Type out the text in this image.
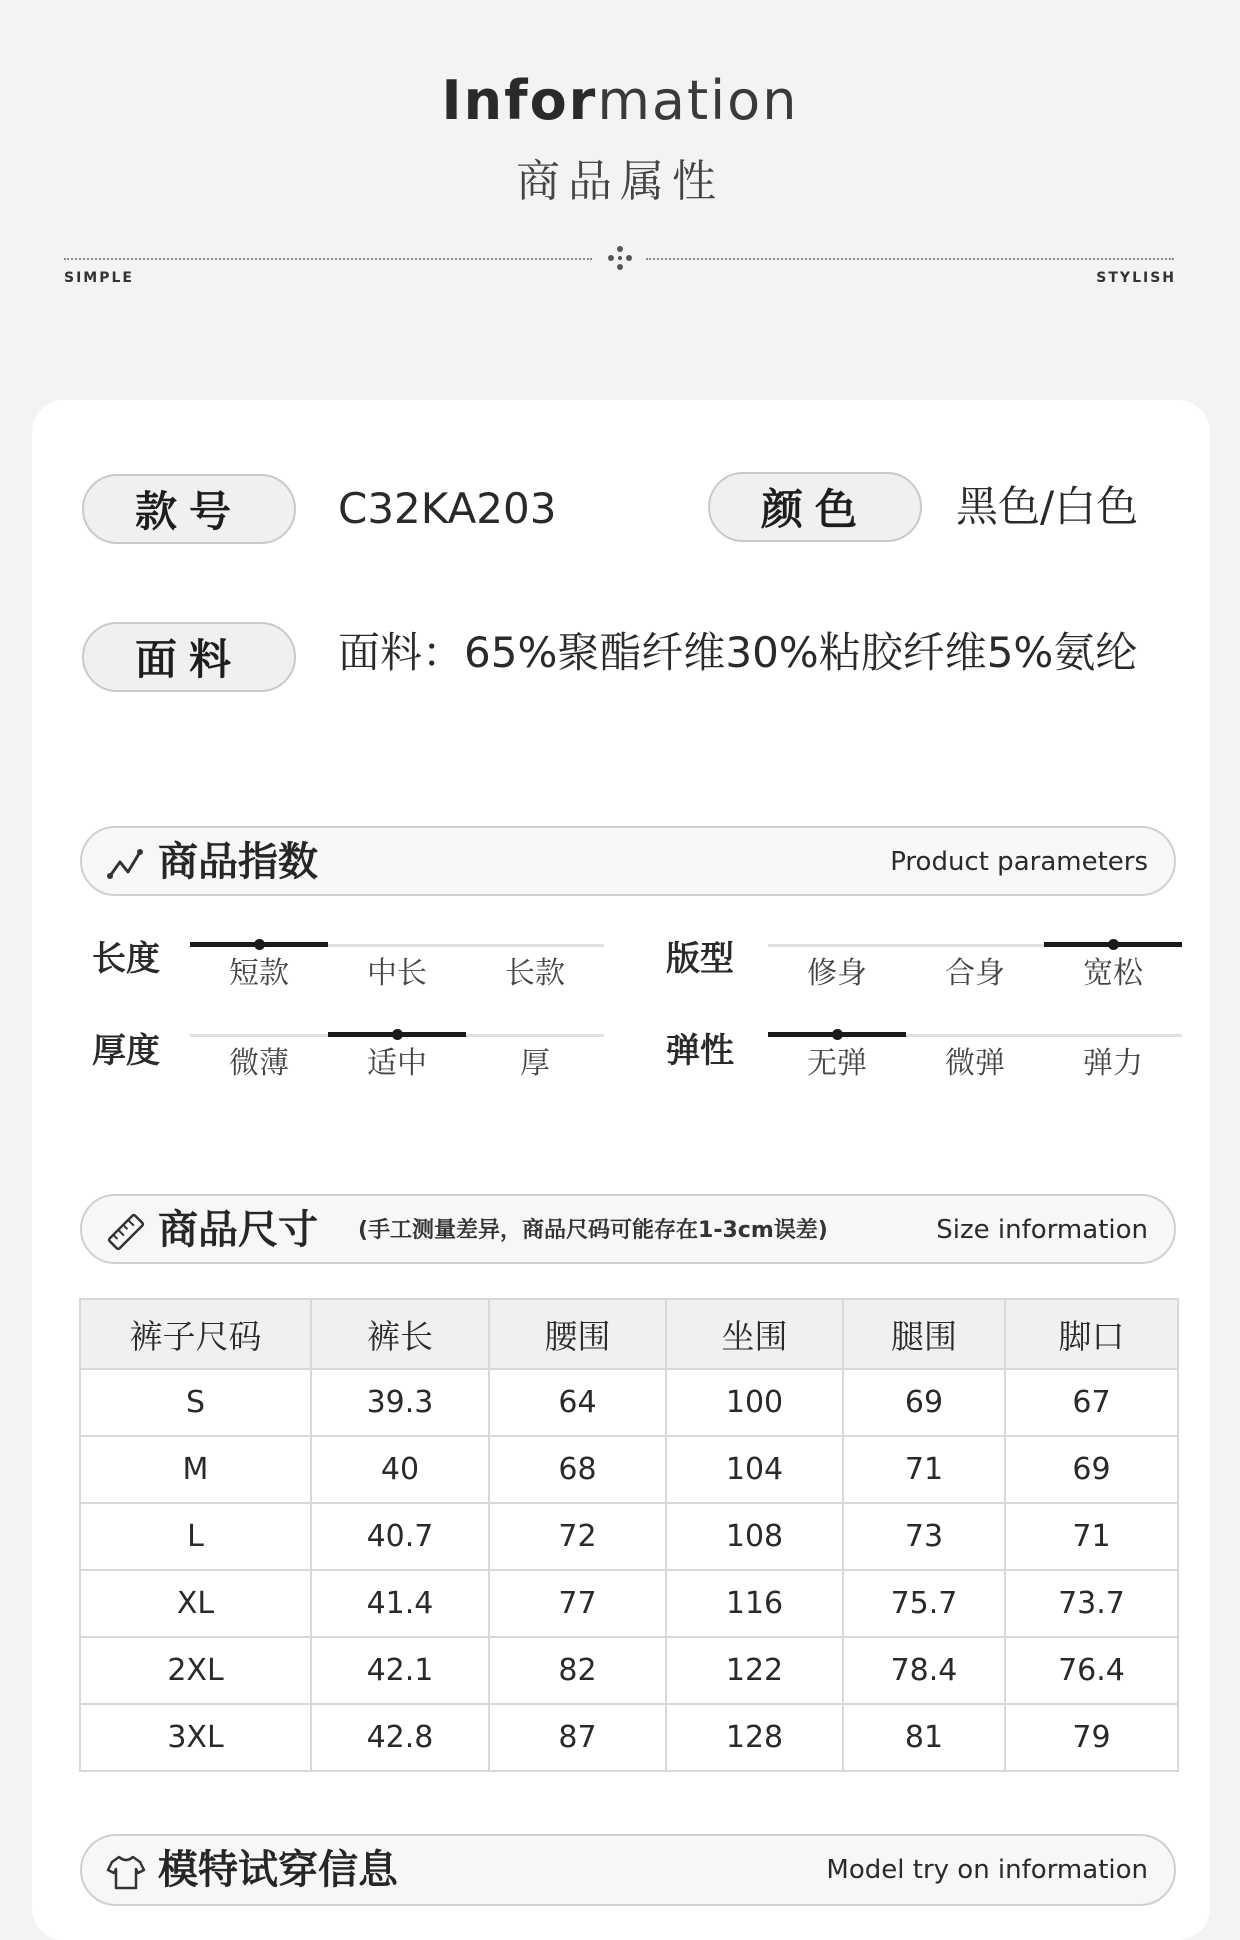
Information
商品属性
SIMPLE	STYLISH
款号	C32KA203	颜色	黑色/白色
面料	面料：65%聚酯纤维30%粘胶纤维5%氨纶
商品指数	Product parameters
长度	短款	中长	长款	版型	修身	合身	宽松
厚度	微薄	适中	厚	弹性	无弹	微弹	弹力
商品尺寸 (手工测量差异，商品尺码可能存在1-3cm误差)	Size information
裤子尺码	裤长	腰围	坐围	腿围	脚口
S	39.3	64	100	69	67
M	40	68	104	71	69
L	40.7	72	108	73	71
XL	41.4	77	116	75.7	73.7
2XL	42.1	82	122	78.4	76.4
3XL	42.8	87	128	81	79
模特试穿信息	Model try on information
